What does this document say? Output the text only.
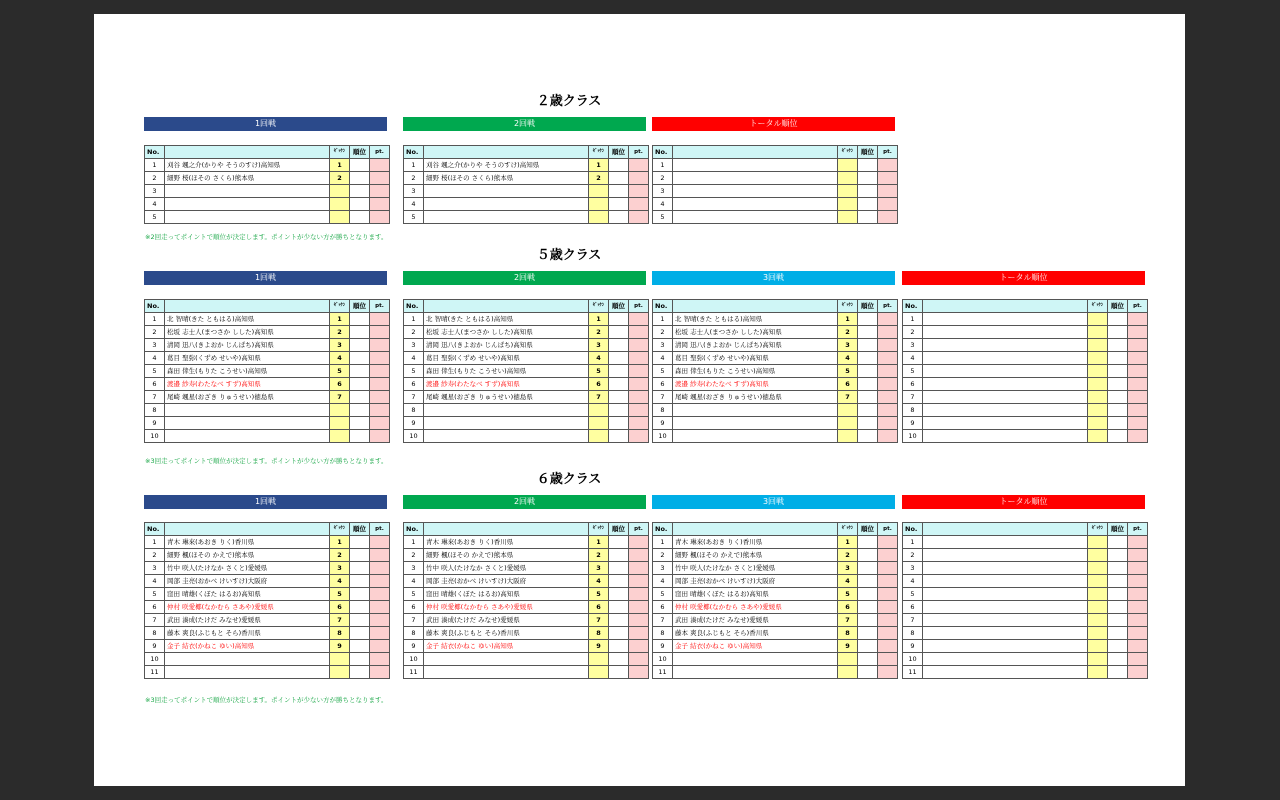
２歳クラス
1回戦
No.		ｾﾞｯｹﾝ	順位	pt.
1	刈谷 颯之介(かりや そうのすけ)高知県	1		
2	細野 桜(ほその さくら)熊本県	2		
3				
4				
5				
2回戦
No.		ｾﾞｯｹﾝ	順位	pt.
1	刈谷 颯之介(かりや そうのすけ)高知県	1		
2	細野 桜(ほその さくら)熊本県	2		
3				
4				
5				
トータル順位
No.		ｾﾞｯｹﾝ	順位	pt.
1				
2				
3				
4				
5				
※2回走ってポイントで順位が決定します。ポイントが少ない方が勝ちとなります。
５歳クラス
1回戦
No.		ｾﾞｯｹﾝ	順位	pt.
1	北 智晴(きた ともはる)高知県	1		
2	松坂 志士人(まつさか しした)高知県	2		
3	清岡 迅八(きよおか じんぱち)高知県	3		
4	葛目 聖弥(くずめ せいや)高知県	4		
5	森田 倖生(もりた こうせい)高知県	5		
6	渡邉 紗寿(わたなべ すず)高知県	6		
7	尾崎 颯星(おざき りゅうせい)徳島県	7		
8				
9				
10				
2回戦
No.		ｾﾞｯｹﾝ	順位	pt.
1	北 智晴(きた ともはる)高知県	1		
2	松坂 志士人(まつさか しした)高知県	2		
3	清岡 迅八(きよおか じんぱち)高知県	3		
4	葛目 聖弥(くずめ せいや)高知県	4		
5	森田 倖生(もりた こうせい)高知県	5		
6	渡邉 紗寿(わたなべ すず)高知県	6		
7	尾崎 颯星(おざき りゅうせい)徳島県	7		
8				
9				
10				
3回戦
No.		ｾﾞｯｹﾝ	順位	pt.
1	北 智晴(きた ともはる)高知県	1		
2	松坂 志士人(まつさか しした)高知県	2		
3	清岡 迅八(きよおか じんぱち)高知県	3		
4	葛目 聖弥(くずめ せいや)高知県	4		
5	森田 倖生(もりた こうせい)高知県	5		
6	渡邉 紗寿(わたなべ すず)高知県	6		
7	尾崎 颯星(おざき りゅうせい)徳島県	7		
8				
9				
10				
トータル順位
No.		ｾﾞｯｹﾝ	順位	pt.
1				
2				
3				
4				
5				
6				
7				
8				
9				
10				
※3回走ってポイントで順位が決定します。ポイントが少ない方が勝ちとなります。
６歳クラス
1回戦
No.		ｾﾞｯｹﾝ	順位	pt.
1	青木 琳來(あおき りく)香川県	1		
2	細野 楓(ほその かえで)熊本県	2		
3	竹中 咲人(たけなか さくと)愛媛県	3		
4	岡部 圭亮(おかべ けいすけ)大阪府	4		
5	窪田 晴雄(くぼた はるお)高知県	5		
6	仲村 咲愛椰(なかむら さあや)愛媛県	6		
7	武田 湊成(たけだ みなせ)愛媛県	7		
8	藤本 爽良(ふじもと そら)香川県	8		
9	金子 結衣(かねこ ゆい)高知県	9		
10				
11				
2回戦
No.		ｾﾞｯｹﾝ	順位	pt.
1	青木 琳來(あおき りく)香川県	1		
2	細野 楓(ほその かえで)熊本県	2		
3	竹中 咲人(たけなか さくと)愛媛県	3		
4	岡部 圭亮(おかべ けいすけ)大阪府	4		
5	窪田 晴雄(くぼた はるお)高知県	5		
6	仲村 咲愛椰(なかむら さあや)愛媛県	6		
7	武田 湊成(たけだ みなせ)愛媛県	7		
8	藤本 爽良(ふじもと そら)香川県	8		
9	金子 結衣(かねこ ゆい)高知県	9		
10				
11				
3回戦
No.		ｾﾞｯｹﾝ	順位	pt.
1	青木 琳來(あおき りく)香川県	1		
2	細野 楓(ほその かえで)熊本県	2		
3	竹中 咲人(たけなか さくと)愛媛県	3		
4	岡部 圭亮(おかべ けいすけ)大阪府	4		
5	窪田 晴雄(くぼた はるお)高知県	5		
6	仲村 咲愛椰(なかむら さあや)愛媛県	6		
7	武田 湊成(たけだ みなせ)愛媛県	7		
8	藤本 爽良(ふじもと そら)香川県	8		
9	金子 結衣(かねこ ゆい)高知県	9		
10				
11				
トータル順位
No.		ｾﾞｯｹﾝ	順位	pt.
1				
2				
3				
4				
5				
6				
7				
8				
9				
10				
11				
※3回走ってポイントで順位が決定します。ポイントが少ない方が勝ちとなります。
